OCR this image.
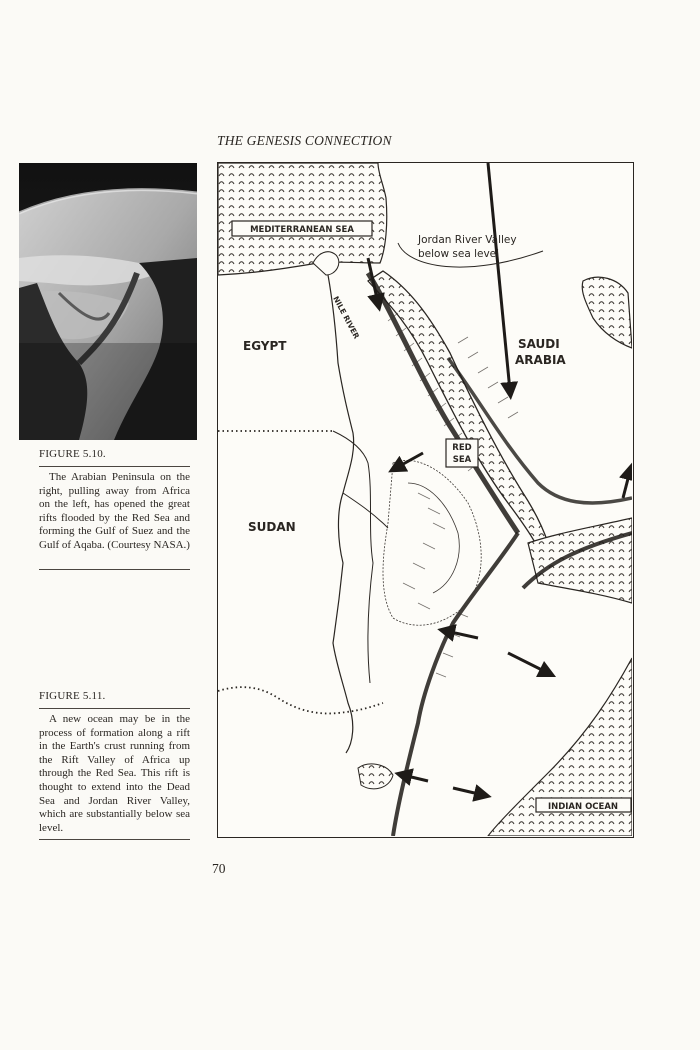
THE GENESIS CONNECTION
FIGURE 5.10.

The Arabian Peninsula on the right, pulling away from Africa on the left, has opened the great rifts flooded by the Red Sea and forming the Gulf of Suez and the Gulf of Aqaba. (Courtesy NASA.)

FIGURE 5.11.

A new ocean may be in the process of formation along a rift in the Earth's crust running from the Rift Valley of Africa up through the Red Sea. This rift is thought to extend into the Dead Sea and Jordan River Valley, which are substantially below sea level.

MEDITERRANEAN SEA
RED
SEA
INDIAN OCEAN
Jordan River Valley
below sea level
EGYPT	SAUDI
ARABIA
SUDAN
NILE RIVER
70
